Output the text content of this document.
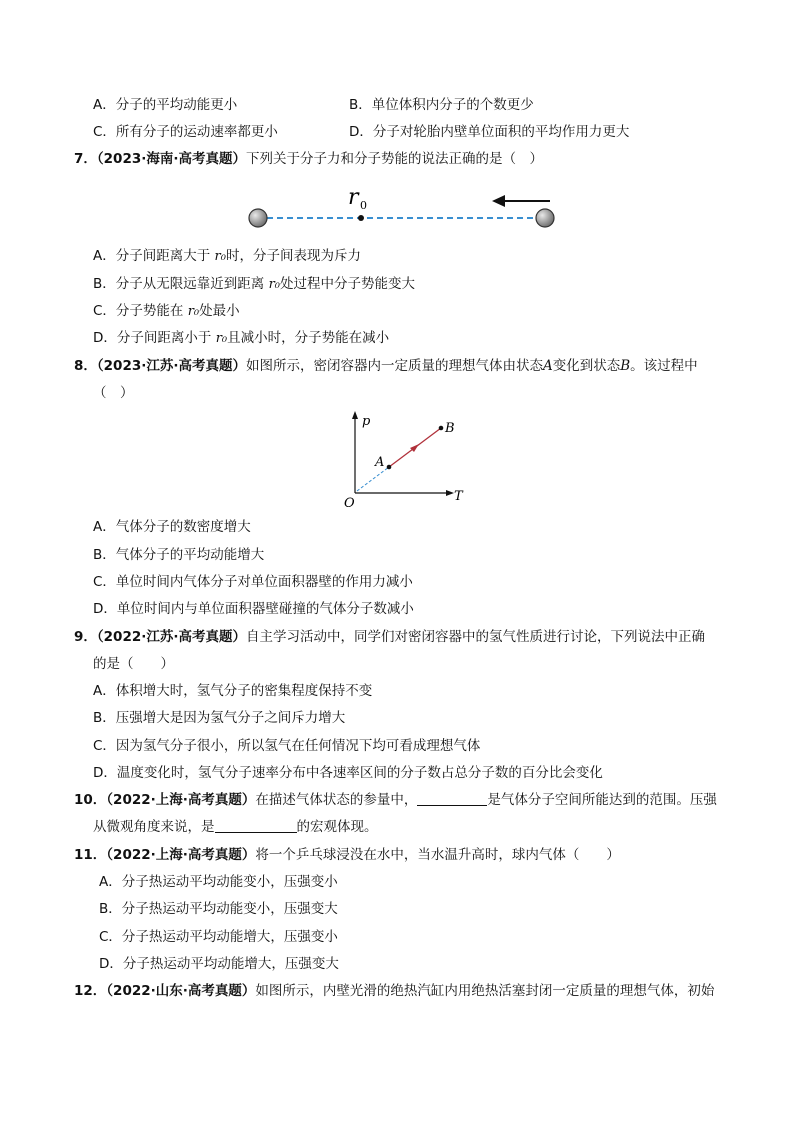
A．分子的平均动能更小	B．单位体积内分子的个数更少
C．所有分子的运动速率都更小	D．分子对轮胎内壁单位面积的平均作用力更大
7．（2023·海南·高考真题）下列关于分子力和分子势能的说法正确的是（　）
r 0
A．分子间距离大于 r₀时，分子间表现为斥力
B．分子从无限远靠近到距离 r₀处过程中分子势能变大
C．分子势能在 r₀处最小
D．分子间距离小于 r₀且减小时，分子势能在减小
8．（2023·江苏·高考真题）如图所示，密闭容器内一定质量的理想气体由状态A变化到状态B。该过程中
（　）
p
T
O
A
B
A．气体分子的数密度增大
B．气体分子的平均动能增大
C．单位时间内气体分子对单位面积器壁的作用力减小
D．单位时间内与单位面积器壁碰撞的气体分子数减小
9．（2022·江苏·高考真题）自主学习活动中，同学们对密闭容器中的氢气性质进行讨论，下列说法中正确
的是（　　）
A．体积增大时，氢气分子的密集程度保持不变
B．压强增大是因为氢气分子之间斥力增大
C．因为氢气分子很小，所以氢气在任何情况下均可看成理想气体
D．温度变化时，氢气分子速率分布中各速率区间的分子数占总分子数的百分比会变化
10．（2022·上海·高考真题）在描述气体状态的参量中，	是气体分子空间所能达到的范围。压强
从微观角度来说，是	的宏观体现。
11．（2022·上海·高考真题）将一个乒乓球浸没在水中，当水温升高时，球内气体（　　）
A．分子热运动平均动能变小，压强变小
B．分子热运动平均动能变小，压强变大
C．分子热运动平均动能增大，压强变小
D．分子热运动平均动能增大，压强变大
12．（2022·山东·高考真题）如图所示，内壁光滑的绝热汽缸内用绝热活塞封闭一定质量的理想气体，初始
